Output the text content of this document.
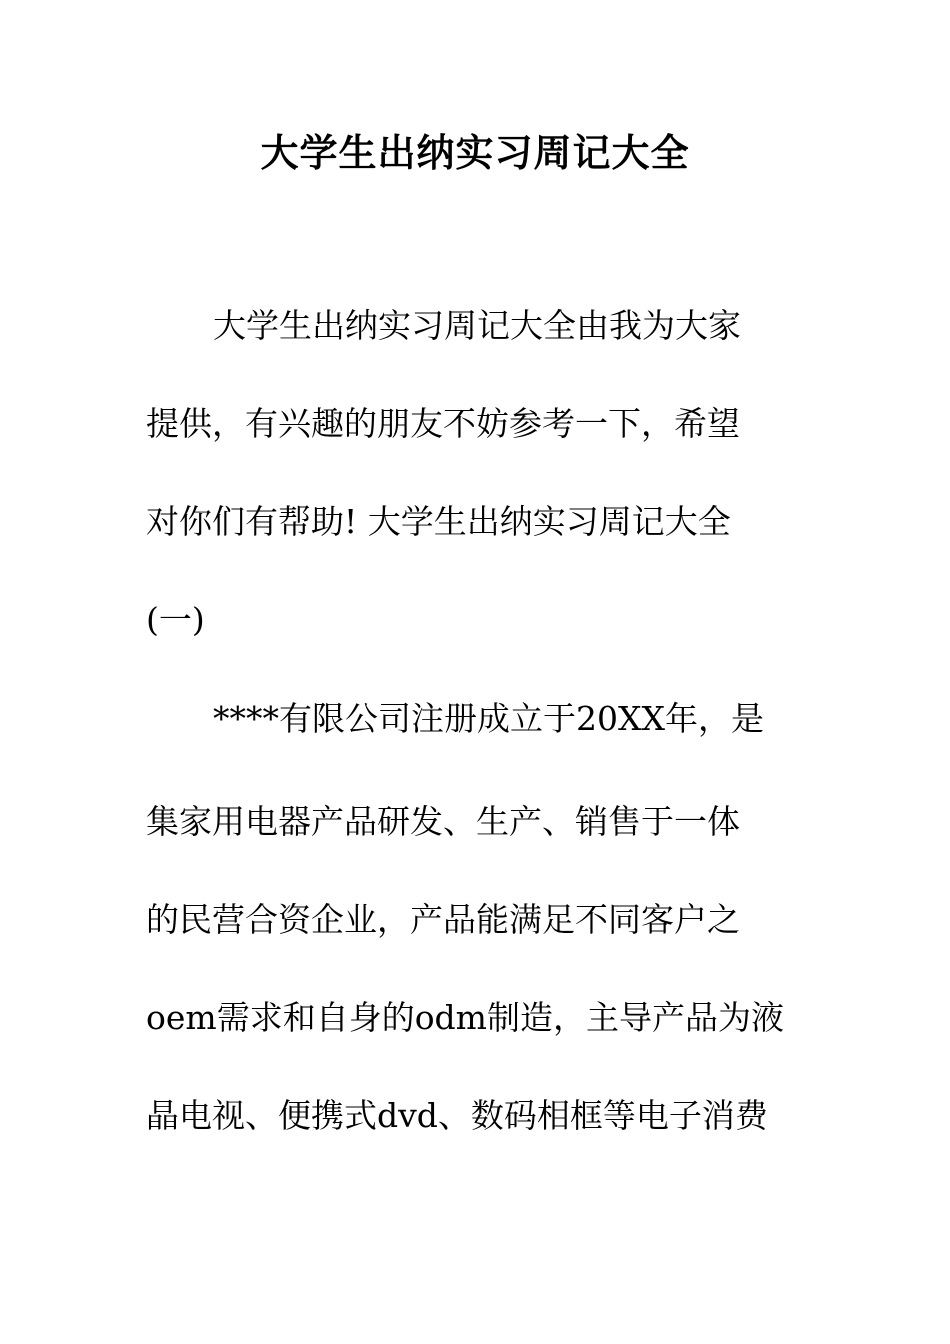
大学生出纳实习周记大全
大学生出纳实习周记大全由我为大家
提供，有兴趣的朋友不妨参考一下，希望
对你们有帮助! 大学生出纳实习周记大全
(一)
****有限公司注册成立于20XX年，是
集家用电器产品研发、生产、销售于一体
的民营合资企业，产品能满足不同客户之
oem需求和自身的odm制造，主导产品为液
晶电视、便携式dvd、数码相框等电子消费
